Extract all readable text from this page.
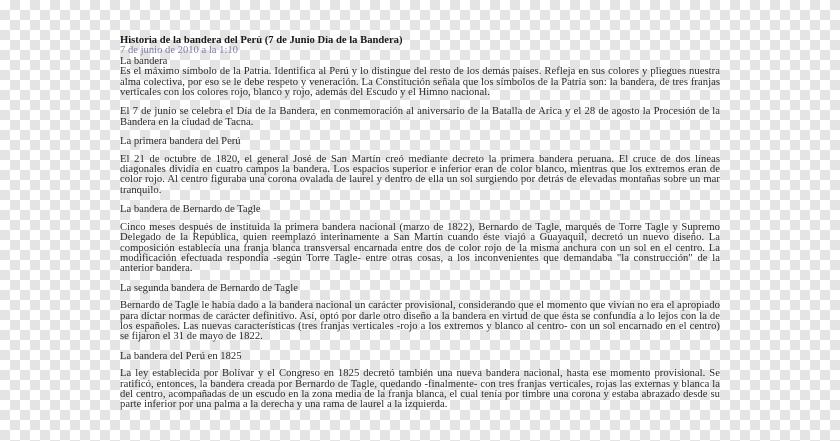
Historia de la bandera del Perú (7 de Junio Día de la Bandera)

7 de junio de 2010 a la 1:10

La bandera

Es el máximo símbolo de la Patria. Identifica al Perú y lo distingue del resto de los demás países. Refleja en sus colores y pliegues nuestra alma colectiva, por eso se le debe respeto y veneración. La Constitución señala que los símbolos de la Patria son: la bandera, de tres franjas verticales con los colores rojo, blanco y rojo, además del Escudo y el Himno nacional.

El 7 de junio se celebra el Día de la Bandera, en conmemoración al aniversario de la Batalla de Arica y el 28 de agosto la Procesión de la Bandera en la ciudad de Tacna.

La primera bandera del Perú

El 21 de octubre de 1820, el general José de San Martín creó mediante decreto la primera bandera peruana. El cruce de dos líneas diagonales dividía en cuatro campos la bandera. Los espacios superior e inferior eran de color blanco, mientras que los extremos eran de color rojo. Al centro figuraba una corona ovalada de laurel y dentro de ella un sol surgiendo por detrás de elevadas montañas sobre un mar tranquilo.

La bandera de Bernardo de Tagle

Cinco meses después de instituida la primera bandera nacional (marzo de 1822), Bernardo de Tagle, marqués de Torre Tagle y Supremo Delegado de la República, quien reemplazó interinamente a San Martín cuando éste viajó a Guayaquil, decretó un nuevo diseño. La composición establecía una franja blanca transversal encarnada entre dos de color rojo de la misma anchura con un sol en el centro. La modificación efectuada respondía -según Torre Tagle- entre otras cosas, a los inconvenientes que demandaba "la construcción" de la anterior bandera.

La segunda bandera de Bernardo de Tagle

Bernardo de Tagle le había dado a la bandera nacional un carácter provisional, considerando que el momento que vivían no era el apropiado para dictar normas de carácter definitivo. Así, optó por darle otro diseño a la bandera en virtud de que ésta se confundía a lo lejos con la de los españoles. Las nuevas características (tres franjas verticales -rojo a los extremos y blanco al centro- con un sol encarnado en el centro) se fijaron el 31 de mayo de 1822.

La bandera del Perú en 1825

La ley establecida por Bolívar y el Congreso en 1825 decretó también una nueva bandera nacional, hasta ese momento provisional. Se ratificó, entonces, la bandera creada por Bernardo de Tagle, quedando -finalmente- con tres franjas verticales, rojas las externas y blanca la del centro, acompañadas de un escudo en la zona media de la franja blanca, el cual tenía por timbre una corona y estaba abrazado desde su parte inferior por una palma a la derecha y una rama de laurel a la izquierda.
